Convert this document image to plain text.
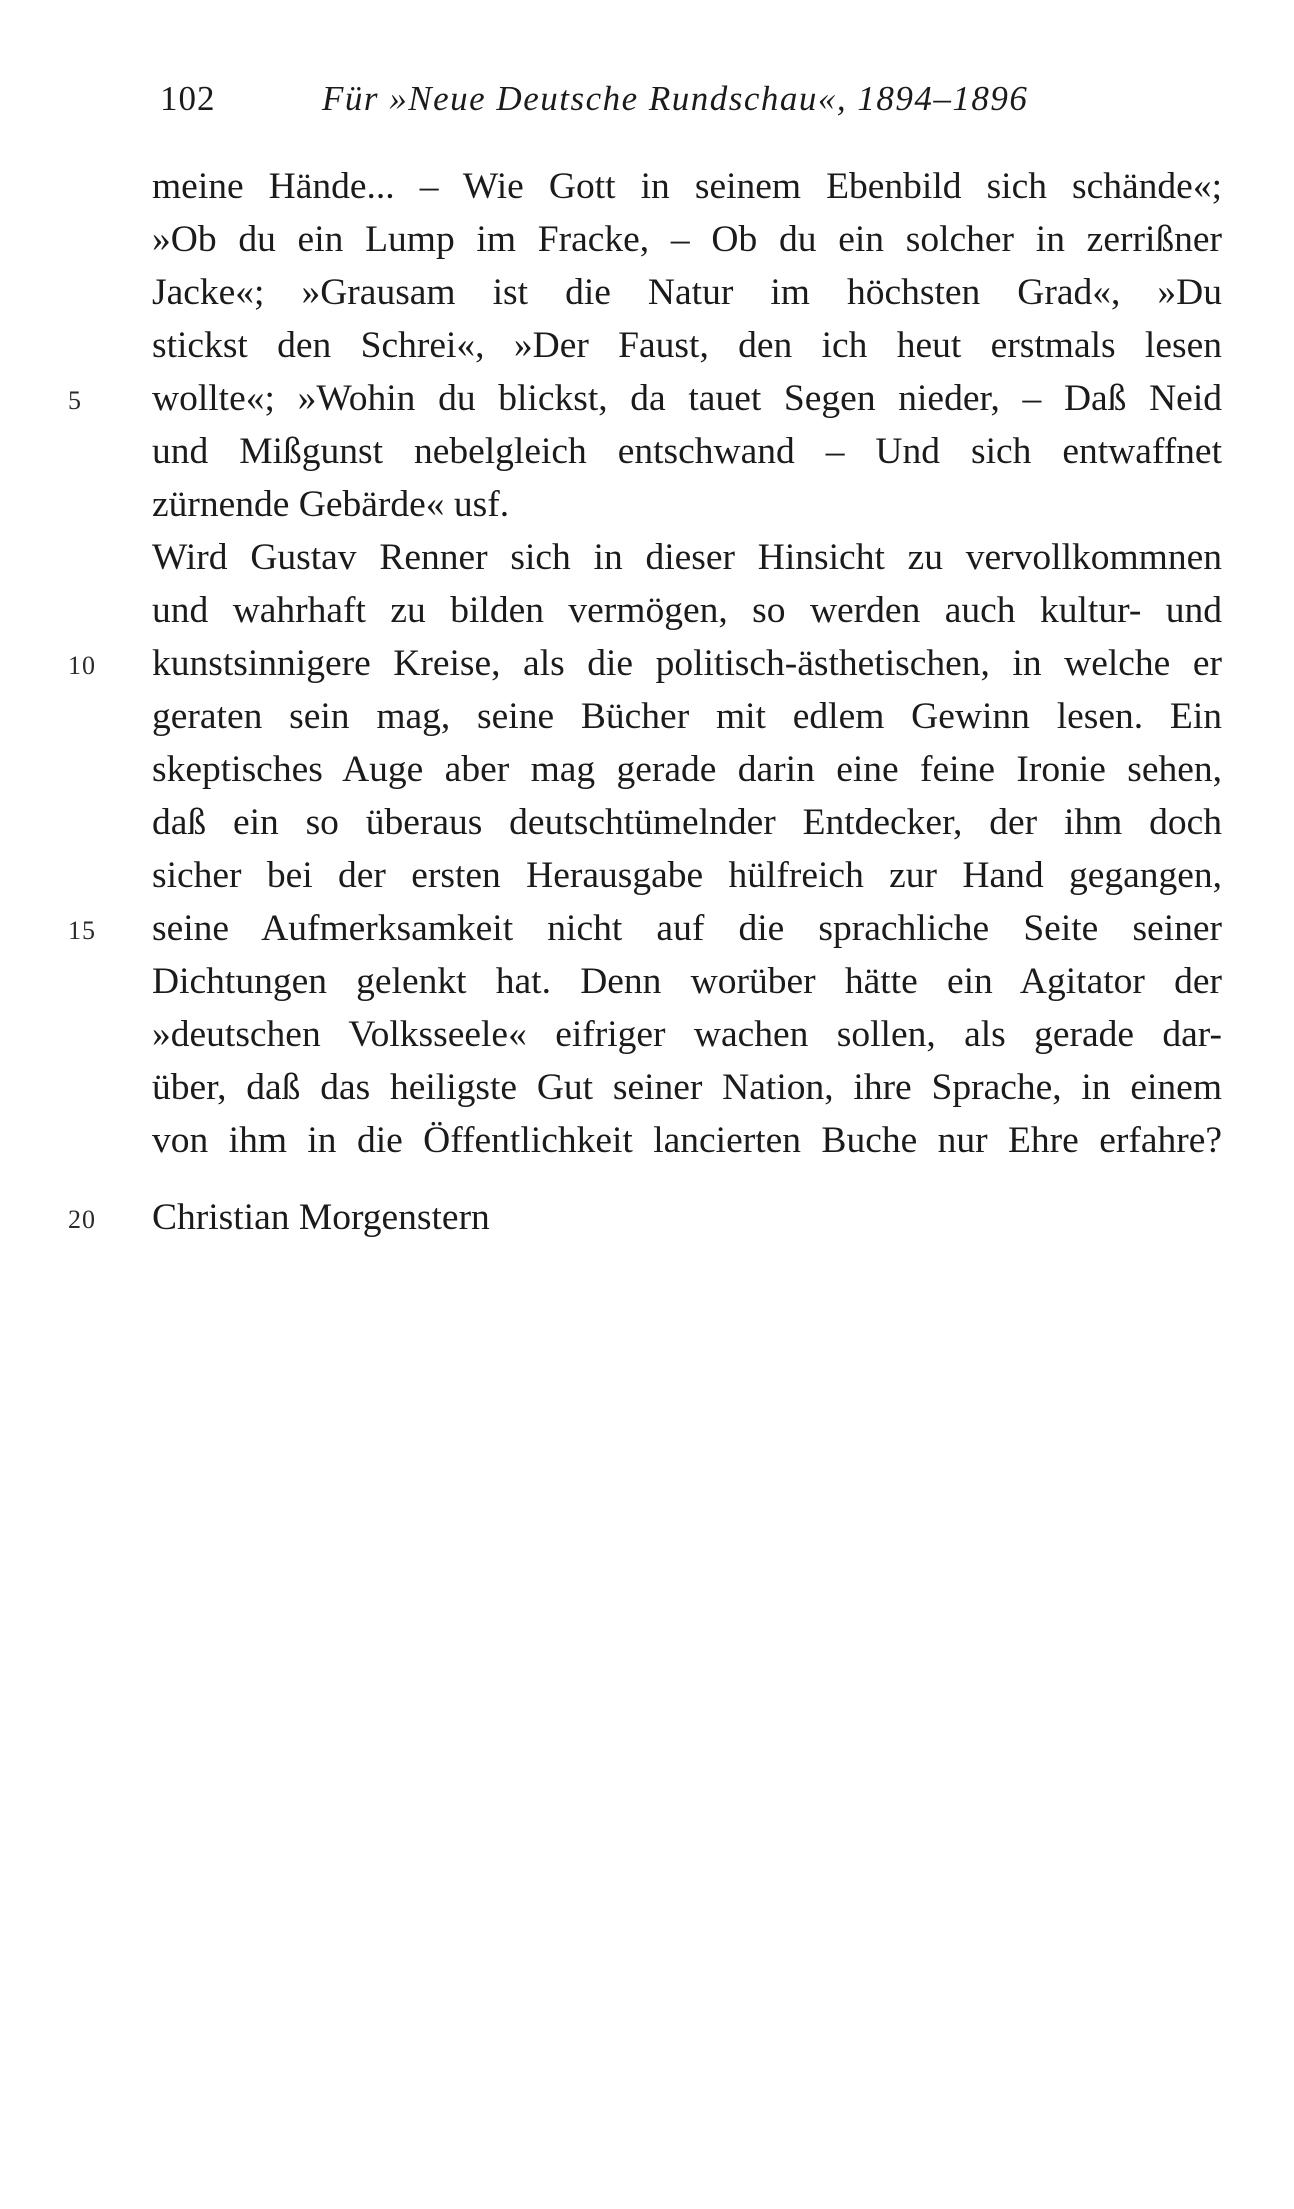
102	Für »Neue Deutsche Rundschau«, 1894–1896
meine Hände... – Wie Gott in seinem Ebenbild sich schände«;
»Ob du ein Lump im Fracke, – Ob du ein solcher in zerrißner
Jacke«; »Grausam ist die Natur im höchsten Grad«, »Du
stickst den Schrei«, »Der Faust, den ich heut erstmals lesen
5	wollte«; »Wohin du blickst, da tauet Segen nieder, – Daß Neid
und Mißgunst nebelgleich entschwand – Und sich entwaffnet
zürnende Gebärde« usf.
Wird Gustav Renner sich in dieser Hinsicht zu vervollkommnen
und wahrhaft zu bilden vermögen, so werden auch kultur- und
10	kunstsinnigere Kreise, als die politisch-ästhetischen, in welche er
geraten sein mag, seine Bücher mit edlem Gewinn lesen. Ein
skeptisches Auge aber mag gerade darin eine feine Ironie sehen,
daß ein so überaus deutschtümelnder Entdecker, der ihm doch
sicher bei der ersten Herausgabe hülfreich zur Hand gegangen,
15	seine Aufmerksamkeit nicht auf die sprachliche Seite seiner
Dichtungen gelenkt hat. Denn worüber hätte ein Agitator der
»deutschen Volksseele« eifriger wachen sollen, als gerade dar-
über, daß das heiligste Gut seiner Nation, ihre Sprache, in einem
von ihm in die Öffentlichkeit lancierten Buche nur Ehre erfahre?
20	Christian Morgenstern
